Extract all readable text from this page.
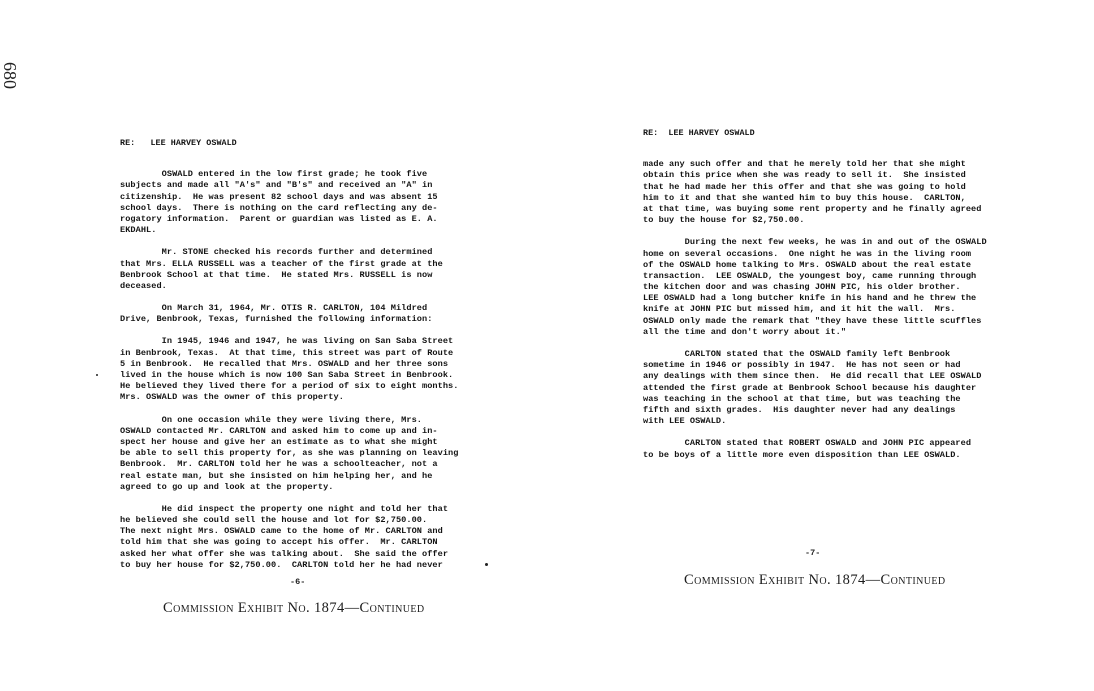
680
RE:   LEE HARVEY OSWALD
OSWALD entered in the low first grade; he took five
subjects and made all "A's" and "B's" and received an "A" in
citizenship.  He was present 82 school days and was absent 15
school days.  There is nothing on the card reflecting any de-
rogatory information.  Parent or guardian was listed as E. A.
EKDAHL.
Mr. STONE checked his records further and determined
that Mrs. ELLA RUSSELL was a teacher of the first grade at the
Benbrook School at that time.  He stated Mrs. RUSSELL is now
deceased.
On March 31, 1964, Mr. OTIS R. CARLTON, 104 Mildred
Drive, Benbrook, Texas, furnished the following information:
In 1945, 1946 and 1947, he was living on San Saba Street
in Benbrook, Texas.  At that time, this street was part of Route
5 in Benbrook.  He recalled that Mrs. OSWALD and her three sons
lived in the house which is now 100 San Saba Street in Benbrook.
He believed they lived there for a period of six to eight months.
Mrs. OSWALD was the owner of this property.
On one occasion while they were living there, Mrs.
OSWALD contacted Mr. CARLTON and asked him to come up and in-
spect her house and give her an estimate as to what she might
be able to sell this property for, as she was planning on leaving
Benbrook.  Mr. CARLTON told her he was a schoolteacher, not a
real estate man, but she insisted on him helping her, and he
agreed to go up and look at the property.
He did inspect the property one night and told her that
he believed she could sell the house and lot for $2,750.00.
The next night Mrs. OSWALD came to the home of Mr. CARLTON and
told him that she was going to accept his offer.  Mr. CARLTON
asked her what offer she was talking about.  She said the offer
to buy her house for $2,750.00.  CARLTON told her he had never
-6-
Commission Exhibit No. 1874—Continued
RE:  LEE HARVEY OSWALD
made any such offer and that he merely told her that she might
obtain this price when she was ready to sell it.  She insisted
that he had made her this offer and that she was going to hold
him to it and that she wanted him to buy this house.  CARLTON,
at that time, was buying some rent property and he finally agreed
to buy the house for $2,750.00.
During the next few weeks, he was in and out of the OSWALD
home on several occasions.  One night he was in the living room
of the OSWALD home talking to Mrs. OSWALD about the real estate
transaction.  LEE OSWALD, the youngest boy, came running through
the kitchen door and was chasing JOHN PIC, his older brother.
LEE OSWALD had a long butcher knife in his hand and he threw the
knife at JOHN PIC but missed him, and it hit the wall.  Mrs.
OSWALD only made the remark that "they have these little scuffles
all the time and don't worry about it."
CARLTON stated that the OSWALD family left Benbrook
sometime in 1946 or possibly in 1947.  He has not seen or had
any dealings with them since then.  He did recall that LEE OSWALD
attended the first grade at Benbrook School because his daughter
was teaching in the school at that time, but was teaching the
fifth and sixth grades.  His daughter never had any dealings
with LEE OSWALD.
CARLTON stated that ROBERT OSWALD and JOHN PIC appeared
to be boys of a little more even disposition than LEE OSWALD.
-7-
Commission Exhibit No. 1874—Continued
